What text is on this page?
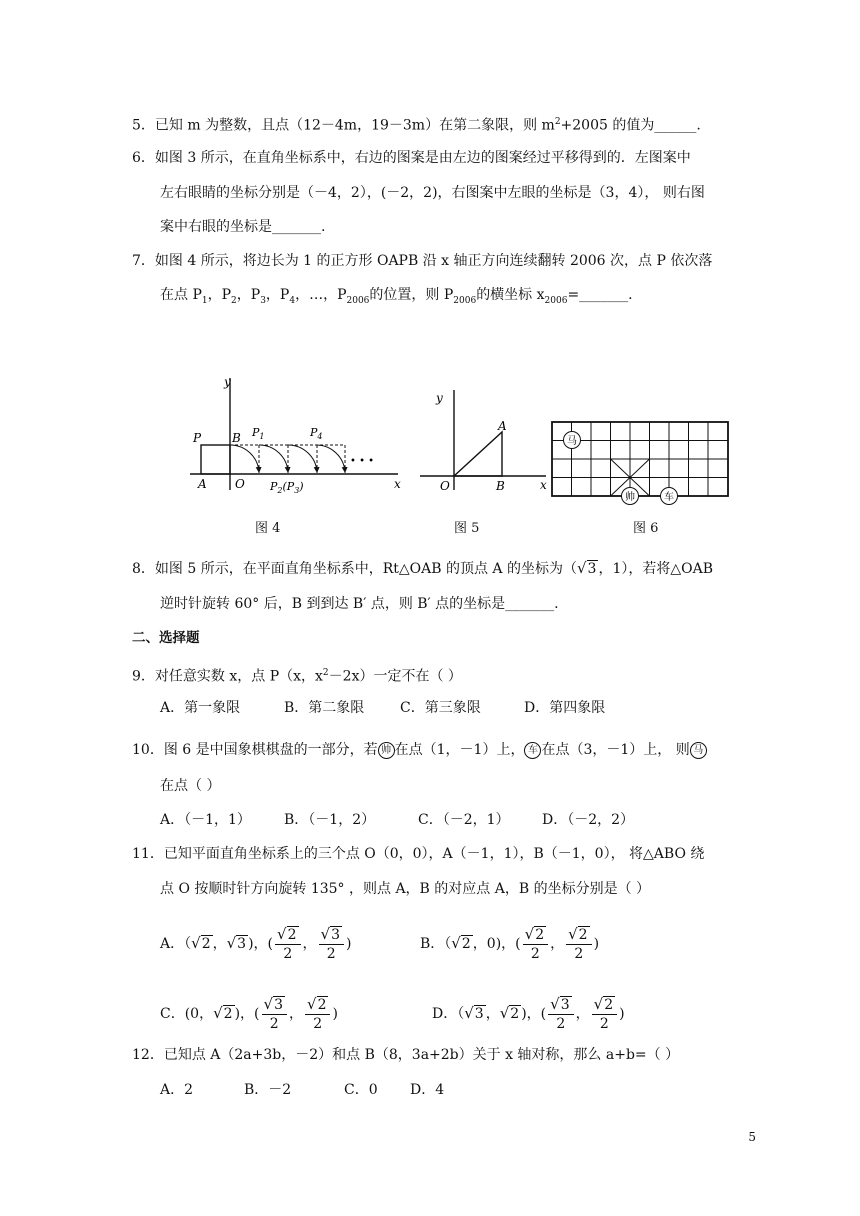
5．已知 m 为整数，且点（12－4m，19－3m）在第二象限，则 $m^2+2005$ 的值为______.
6．如图 3 所示，在直角坐标系中，右边的图案是由左边的图案经过平移得到的．左图案中
左右眼睛的坐标分别是（－4，2），(－2，2)，右图案中左眼的坐标是（3，4）， 则右图
案中右眼的坐标是_______.
7．如图 4 所示，将边长为 1 的正方形 OAPB 沿 x 轴正方向连续翻转 2006 次，点 P 依次落
在点 $P_1$，$P_2$，$P_3$，$P_4$，…，$P_{2006}$的位置，则 $P_{2006}$的横坐标 $x_{2006}=\_\_\_\_\_\_\_$.
y
x
P
A
B
O
$P_1$	$P_4$
$P_2(P_3)$
• • •
图 4
y
x
O
A
B
图 5
马
帅	车
图 6
8．如图 5 所示，在平面直角坐标系中，Rt△OAB 的顶点 A 的坐标为（√3 ，1），若将△OAB
逆时针旋转 60° 后，B 到到达 B′ 点，则 B′ 点的坐标是_______.
二、选择题
9．对任意实数 x，点 P（x，$x^2-2x$）一定不在（ ）
A．第一象限	B．第二象限	C．第三象限	D．第四象限
10．图 6 是中国象棋棋盘的一部分，若 帅 在点（1，－1）上， 车 在点（3，－1）上， 则 马
在点（ ）
A．（－1，1） B．（－1，2）	C．（－2，1） D．（－2，2）
11．已知平面直角坐标系上的三个点 O（0，0），A（－1，1），B（－1，0）， 将△ABO 绕
点 O 按顺时针方向旋转 135° ，则点 A，B 的对应点 A，B 的坐标分别是（ ）
A．（√2 ，√3 )，( $\frac{√2}{2}$ ， $\frac{√3}{2}$ )	B．（√2 ，0)，( $\frac{√2}{2}$ ， $\frac{√2}{2}$ )
C．(0，√2 )，( $\frac{√3}{2}$ ， $\frac{√2}{2}$ )	D．（√3 ，√2 )，( $\frac{√3}{2}$ ， $\frac{√2}{2}$ )
12．已知点 A（2a+3b，－2）和点 B（8，3a+2b）关于 x 轴对称，那么 a+b=（ ）
A．2	B．－2	C．0 D．4
5
